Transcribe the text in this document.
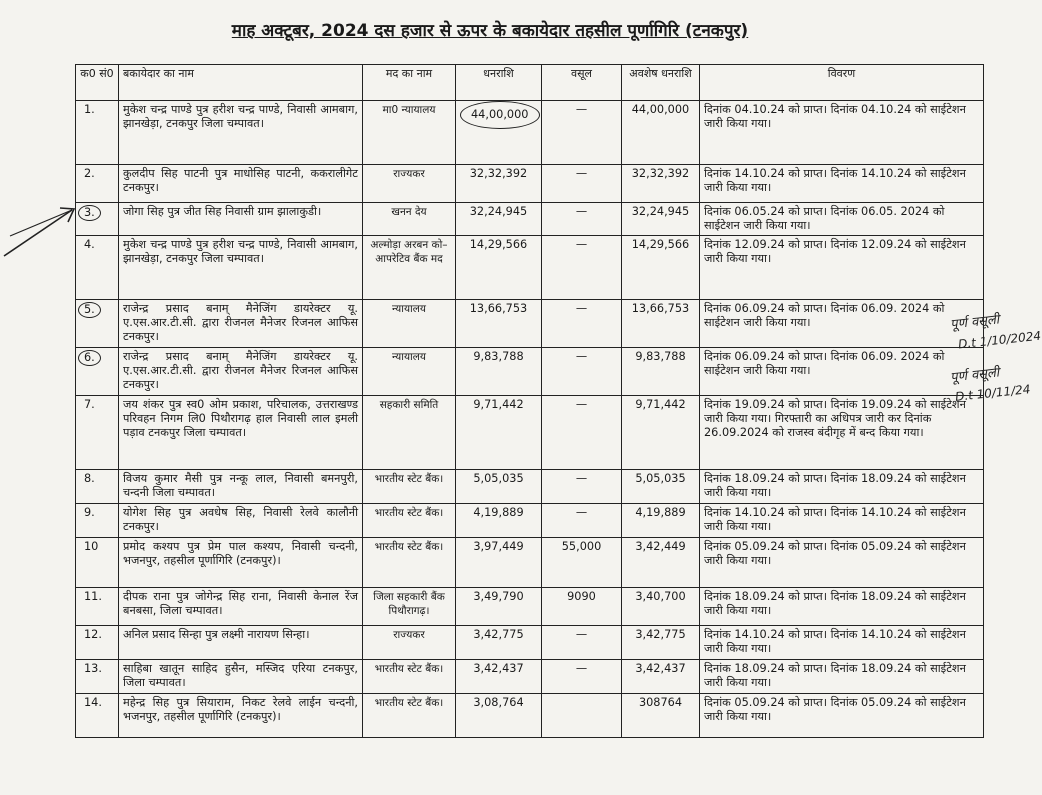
माह अक्टूबर, 2024 दस हजार से ऊपर के बकायेदार तहसील पूर्णागिरि (टनकपुर)
क0 सं0	बकायेदार का नाम	मद का नाम	धनराशि	वसूल	अवशेष धनराशि	विवरण
1.	मुकेश चन्द्र पाण्डे पुत्र हरीश चन्द्र पाण्डे, निवासी आमबाग, झानखेड़ा, टनकपुर जिला चम्पावत।	मा0 न्यायालय	44,00,000	—	44,00,000	दिनांक 04.10.24 को प्राप्त। दिनांक 04.10.24 को साईटेशन जारी किया गया।
2.	कुलदीप सिह पाटनी पुत्र माधोसिह पाटनी, ककरालीगेट टनकपुर।	राज्यकर	32,32,392	—	32,32,392	दिनांक 14.10.24 को प्राप्त। दिनांक 14.10.24 को साईटेशन जारी किया गया।
3.	जोगा सिह पुत्र जीत सिह निवासी ग्राम झालाकुडी।	खनन देय	32,24,945	—	32,24,945	दिनांक 06.05.24 को प्राप्त। दिनांक 06.05. 2024 को साईटेशन जारी किया गया।
4.	मुकेश चन्द्र पाण्डे पुत्र हरीश चन्द्र पाण्डे, निवासी आमबाग, झानखेड़ा, टनकपुर जिला चम्पावत।	अल्मोड़ा अरबन को– आपरेटिव बैंक मद	14,29,566	—	14,29,566	दिनांक 12.09.24 को प्राप्त। दिनांक 12.09.24 को साईटेशन जारी किया गया।
5.	राजेन्द्र प्रसाद बनाम् मैनेजिंग डायरेक्टर यू. ए.एस.आर.टी.सी. द्वारा रीजनल मैनेजर रिजनल आफिस टनकपुर।	न्यायालय	13,66,753	—	13,66,753	दिनांक 06.09.24 को प्राप्त। दिनांक 06.09. 2024 को साईटेशन जारी किया गया।
6.	राजेन्द्र प्रसाद बनाम् मैनेजिंग डायरेक्टर यू. ए.एस.आर.टी.सी. द्वारा रीजनल मैनेजर रिजनल आफिस टनकपुर।	न्यायालय	9,83,788	—	9,83,788	दिनांक 06.09.24 को प्राप्त। दिनांक 06.09. 2024 को साईटेशन जारी किया गया।
7.	जय शंकर पुत्र स्व0 ओम प्रकाश, परिचालक, उत्तराखण्ड परिवहन निगम लि0 पिथौरागढ़ हाल निवासी लाल इमली पड़ाव टनकपुर जिला चम्पावत।	सहकारी समिति	9,71,442	—	9,71,442	दिनांक 19.09.24 को प्राप्त। दिनांक 19.09.24 को साईटेशन जारी किया गया। गिरफ्तारी का अधिपत्र जारी कर दिनांक 26.09.2024 को राजस्व बंदीगृह में बन्द किया गया।
8.	विजय कुमार मैसी पुत्र नन्कू लाल, निवासी बमनपुरी, चन्दनी जिला चम्पावत।	भारतीय स्टेट बैंक।	5,05,035	—	5,05,035	दिनांक 18.09.24 को प्राप्त। दिनांक 18.09.24 को साईटेशन जारी किया गया।
9.	योगेश सिह पुत्र अवधेष सिह, निवासी रेलवे कालौनी टनकपुर।	भारतीय स्टेट बैंक।	4,19,889	—	4,19,889	दिनांक 14.10.24 को प्राप्त। दिनांक 14.10.24 को साईटेशन जारी किया गया।
10	प्रमोद कश्यप पुत्र प्रेम पाल कश्यप, निवासी चन्दनी, भजनपुर, तहसील पूर्णागिरि (टनकपुर)।	भारतीय स्टेट बैंक।	3,97,449	55,000	3,42,449	दिनांक 05.09.24 को प्राप्त। दिनांक 05.09.24 को साईटेशन जारी किया गया।
11.	दीपक राना पुत्र जोगेन्द्र सिह राना, निवासी केनाल रेंज बनबसा, जिला चम्पावत।	जिला सहकारी बैंक पिथौरागढ़।	3,49,790	9090	3,40,700	दिनांक 18.09.24 को प्राप्त। दिनांक 18.09.24 को साईटेशन जारी किया गया।
12.	अनिल प्रसाद सिन्हा पुत्र लक्ष्मी नारायण सिन्हा।	राज्यकर	3,42,775	—	3,42,775	दिनांक 14.10.24 को प्राप्त। दिनांक 14.10.24 को साईटेशन जारी किया गया।
13.	साहिबा खातून साहिद हुसैन, मस्जिद एरिया टनकपुर, जिला चम्पावत।	भारतीय स्टेट बैंक।	3,42,437	—	3,42,437	दिनांक 18.09.24 को प्राप्त। दिनांक 18.09.24 को साईटेशन जारी किया गया।
14.	महेन्द्र सिह पुत्र सियाराम, निकट रेलवे लाईन चन्दनी, भजनपुर, तहसील पूर्णागिरि (टनकपुर)।	भारतीय स्टेट बैंक।	3,08,764		308764	दिनांक 05.09.24 को प्राप्त। दिनांक 05.09.24 को साईटेशन जारी किया गया।
पूर्ण वसूली
D.t 1/10/2024
पूर्ण वसूली
D.t 10/11/24
